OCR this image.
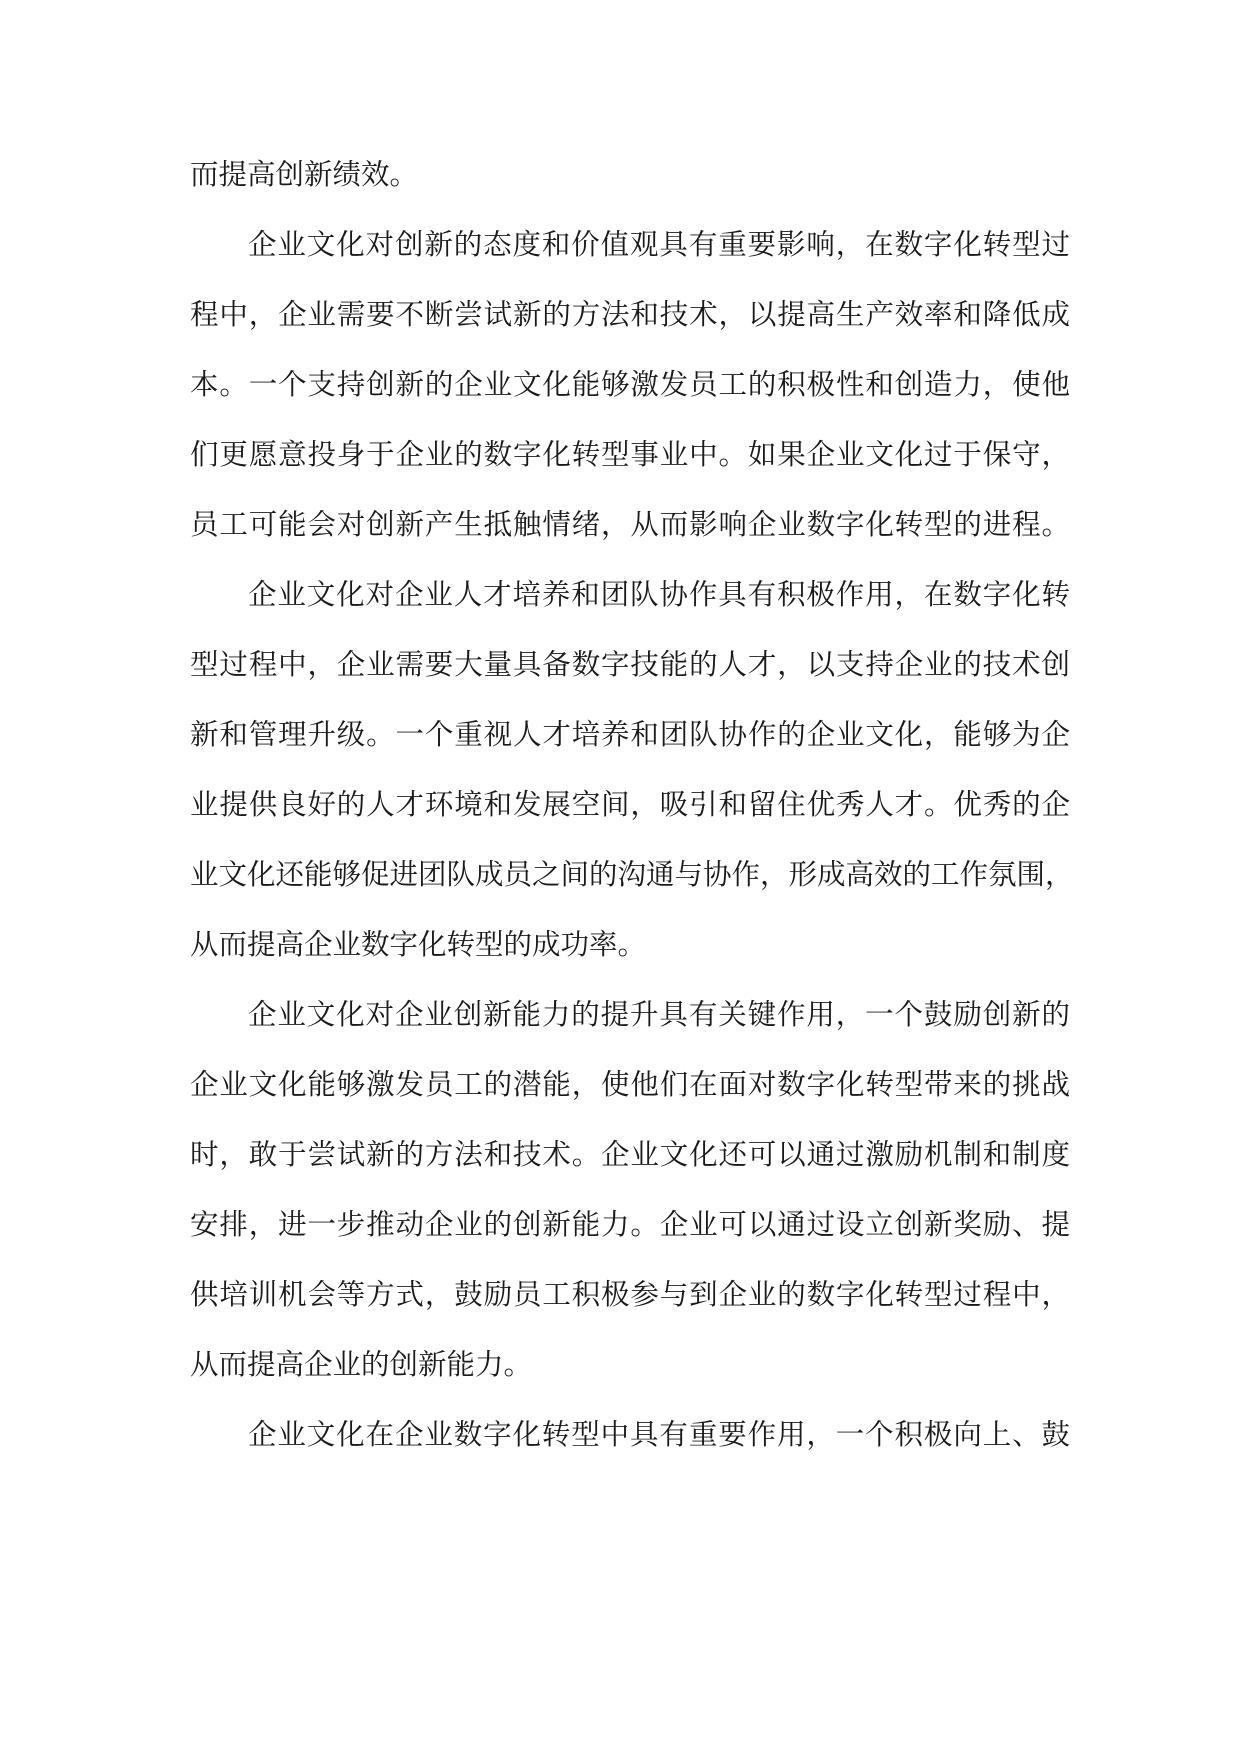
而提高创新绩效。
企业文化对创新的态度和价值观具有重要影响，在数字化转型过
程中，企业需要不断尝试新的方法和技术，以提高生产效率和降低成
本。一个支持创新的企业文化能够激发员工的积极性和创造力，使他
们更愿意投身于企业的数字化转型事业中。如果企业文化过于保守，
员工可能会对创新产生抵触情绪，从而影响企业数字化转型的进程。
企业文化对企业人才培养和团队协作具有积极作用，在数字化转
型过程中，企业需要大量具备数字技能的人才，以支持企业的技术创
新和管理升级。一个重视人才培养和团队协作的企业文化，能够为企
业提供良好的人才环境和发展空间，吸引和留住优秀人才。优秀的企
业文化还能够促进团队成员之间的沟通与协作，形成高效的工作氛围，
从而提高企业数字化转型的成功率。
企业文化对企业创新能力的提升具有关键作用，一个鼓励创新的
企业文化能够激发员工的潜能，使他们在面对数字化转型带来的挑战
时，敢于尝试新的方法和技术。企业文化还可以通过激励机制和制度
安排，进一步推动企业的创新能力。企业可以通过设立创新奖励、提
供培训机会等方式，鼓励员工积极参与到企业的数字化转型过程中，
从而提高企业的创新能力。
企业文化在企业数字化转型中具有重要作用，一个积极向上、鼓
